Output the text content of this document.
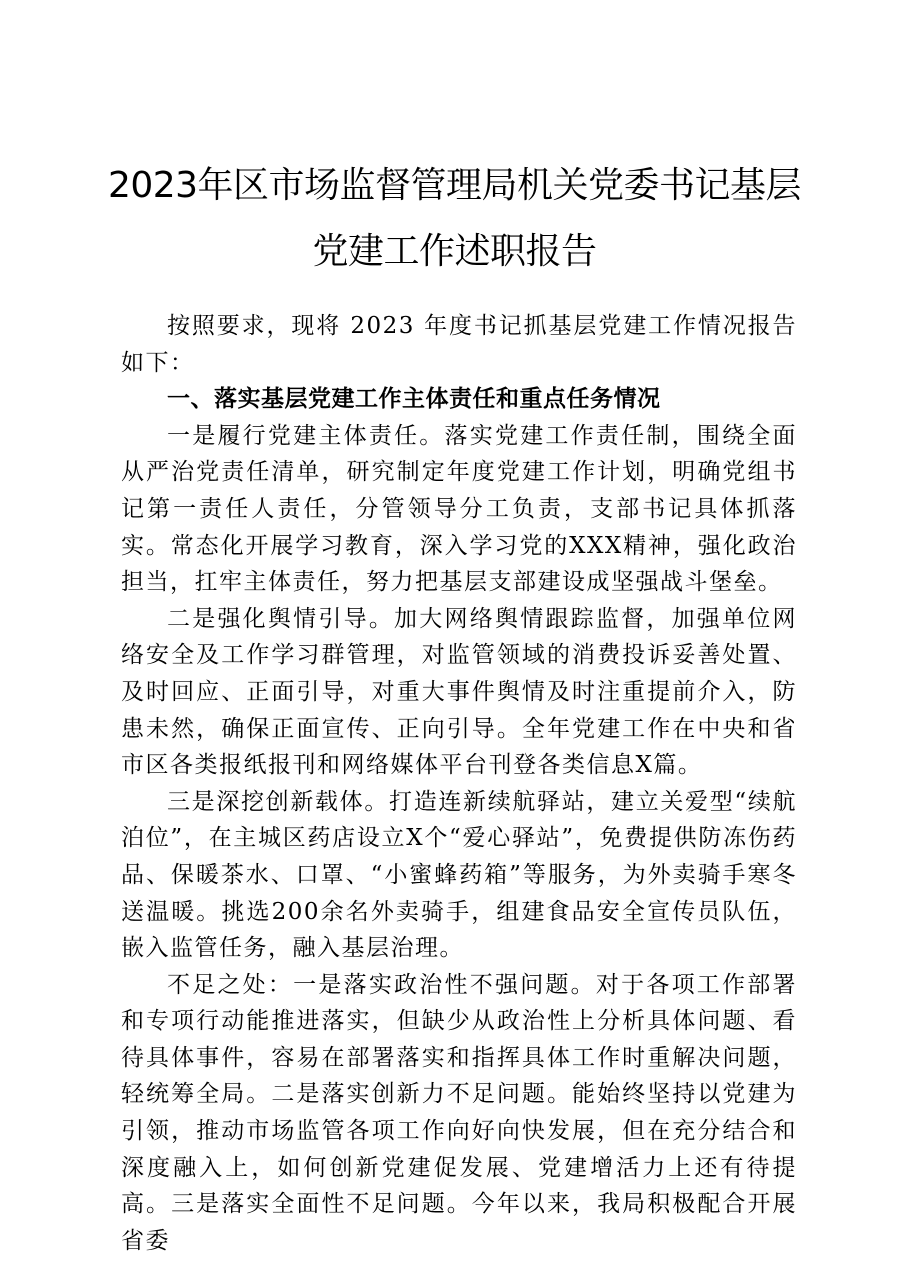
2023年区市场监督管理局机关党委书记基层
党建工作述职报告

按照要求，现将 2023 年度书记抓基层党建工作情况报告如下：

一、落实基层党建工作主体责任和重点任务情况

一是履行党建主体责任。落实党建工作责任制，围绕全面从严治党责任清单，研究制定年度党建工作计划，明确党组书记第一责任人责任，分管领导分工负责，支部书记具体抓落实。常态化开展学习教育，深入学习党的XXX精神，强化政治担当，扛牢主体责任，努力把基层支部建设成坚强战斗堡垒。

二是强化舆情引导。加大网络舆情跟踪监督，加强单位网络安全及工作学习群管理，对监管领域的消费投诉妥善处置、及时回应、正面引导，对重大事件舆情及时注重提前介入，防患未然，确保正面宣传、正向引导。全年党建工作在中央和省市区各类报纸报刊和网络媒体平台刊登各类信息X篇。

三是深挖创新载体。打造连新续航驿站，建立关爱型“续航泊位”，在主城区药店设立X个“爱心驿站”，免费提供防冻伤药品、保暖茶水、口罩、“小蜜蜂药箱”等服务，为外卖骑手寒冬送温暖。挑选200余名外卖骑手，组建食品安全宣传员队伍，嵌入监管任务，融入基层治理。

不足之处：一是落实政治性不强问题。对于各项工作部署和专项行动能推进落实，但缺少从政治性上分析具体问题、看待具体事件，容易在部署落实和指挥具体工作时重解决问题，轻统筹全局。二是落实创新力不足问题。能始终坚持以党建为引领，推动市场监管各项工作向好向快发展，但在充分结合和深度融入上，如何创新党建促发展、党建增活力上还有待提高。三是落实全面性不足问题。今年以来，我局积极配合开展省委
